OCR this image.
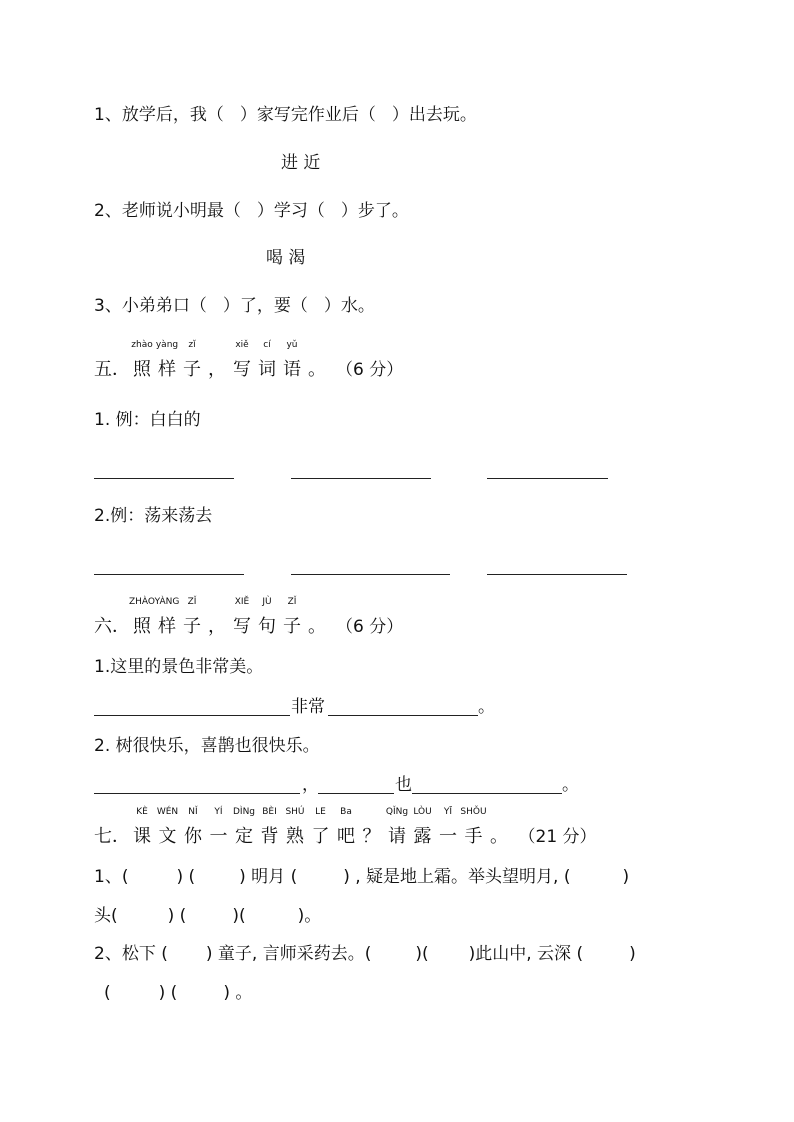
1、放学后，我（ ）家写完作业后（ ）出去玩。
进 近
2、老师说小明最（ ）学习（ ）步了。
喝 渴
3、小弟弟口（ ）了，要（ ）水。
五．
zhào
照
yàng
样
zǐ
子 ，
xiě
写
cí
词
yǔ
语 。 （6 分）
1. 例：白白的
2.例：荡来荡去
六．
ZHÀO
照
YÀNG
样
ZǏ
子 ，
XIĚ
写
JÙ
句
ZǏ
子 。 （6 分）
1.这里的景色非常美。
非常	。
2. 树很快乐，喜鹊也很快乐。
，	也	。
七．
KÈ
课
WÉN
文
NǏ
你
YÍ
一
DÌNg
定
BÈI
背
SHÚ
熟
LE
了
Ba
吧 ？
QǏNg
请
LÒU
露
YĪ
一
SHǑU
手 。 （21 分）
1、(	) (	) 明月 (	) , 疑是地上霜。举头望明月, (	)
头(	) (	)(	)。
2、松下 ( ) 童子, 言师采药去。(	)( )此山中, 云深 (	)
(	) (	) 。
